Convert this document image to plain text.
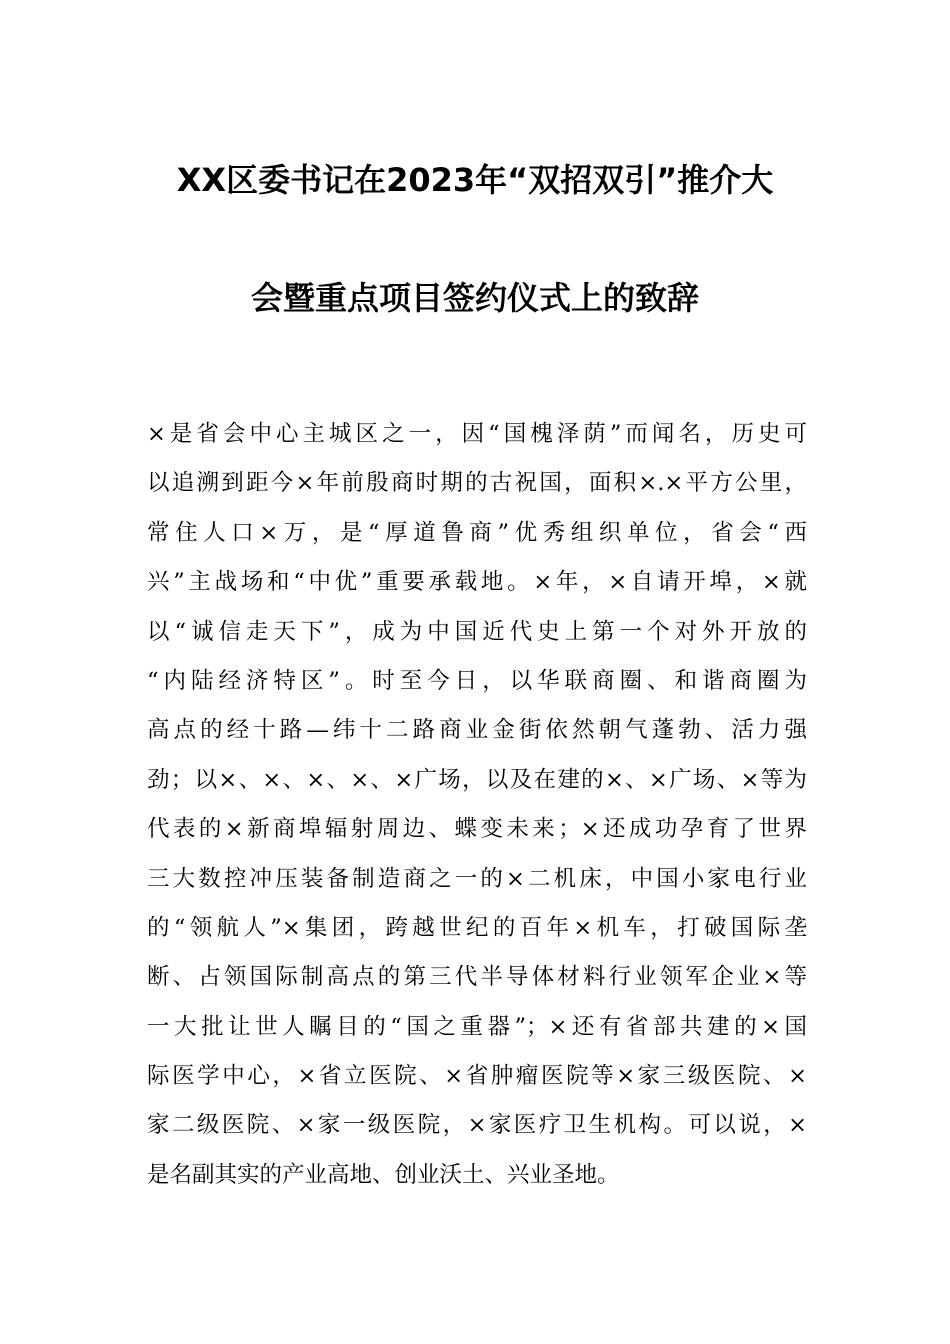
XX区委书记在2023年“双招双引”推介大
会暨重点项目签约仪式上的致辞
×是省会中心主城区之一，因“国槐泽荫”而闻名，历史可
以追溯到距今×年前殷商时期的古祝国，面积×.×平方公里，
常住人口×万，是“厚道鲁商”优秀组织单位，省会“西
兴”主战场和“中优”重要承载地。×年，×自请开埠，×就
以“诚信走天下”，成为中国近代史上第一个对外开放的
“内陆经济特区”。时至今日，以华联商圈、和谐商圈为
高点的经十路—纬十二路商业金街依然朝气蓬勃、活力强
劲；以×、×、×、×、×广场，以及在建的×、×广场、×等为
代表的×新商埠辐射周边、蝶变未来；×还成功孕育了世界
三大数控冲压装备制造商之一的×二机床，中国小家电行业
的“领航人”×集团，跨越世纪的百年×机车，打破国际垄
断、占领国际制高点的第三代半导体材料行业领军企业×等
一大批让世人瞩目的“国之重器”；×还有省部共建的×国
际医学中心，×省立医院、×省肿瘤医院等×家三级医院、×
家二级医院、×家一级医院，×家医疗卫生机构。可以说，×
是名副其实的产业高地、创业沃土、兴业圣地。
